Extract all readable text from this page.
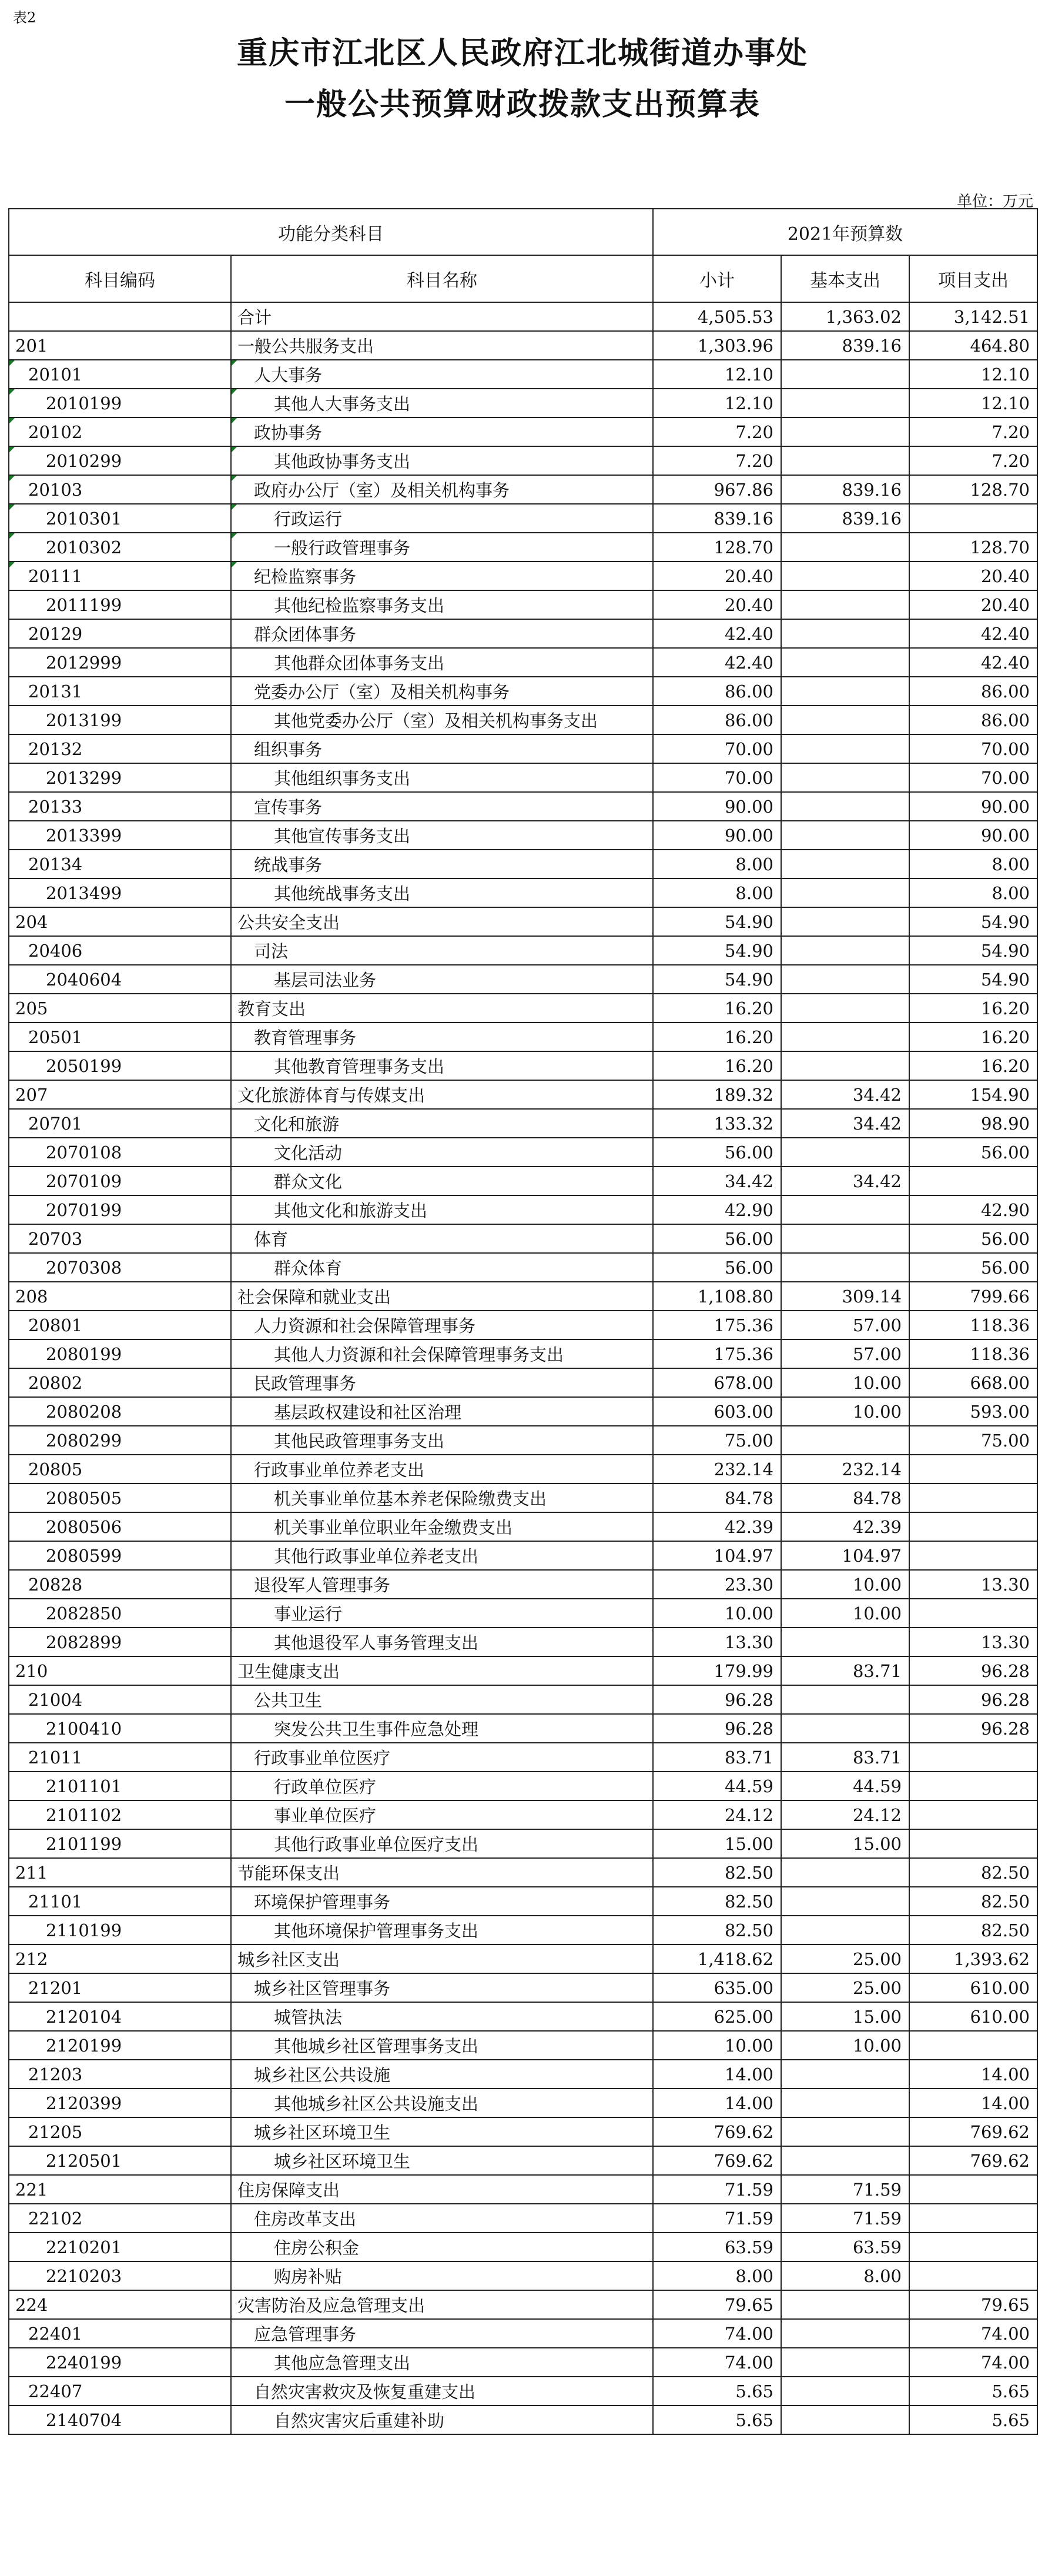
表2
重庆市江北区人民政府江北城街道办事处
一般公共预算财政拨款支出预算表
单位：万元
功能分类科目		2021年预算数		
科目编码	科目名称	小计	基本支出	项目支出
	合计	4,505.53	1,363.02	3,142.51
201	一般公共服务支出	1,303.96	839.16	464.80
20101	人大事务	12.10		12.10
2010199	其他人大事务支出	12.10		12.10
20102	政协事务	7.20		7.20
2010299	其他政协事务支出	7.20		7.20
20103	政府办公厅（室）及相关机构事务	967.86	839.16	128.70
2010301	行政运行	839.16	839.16	
2010302	一般行政管理事务	128.70		128.70
20111	纪检监察事务	20.40		20.40
2011199	其他纪检监察事务支出	20.40		20.40
20129	群众团体事务	42.40		42.40
2012999	其他群众团体事务支出	42.40		42.40
20131	党委办公厅（室）及相关机构事务	86.00		86.00
2013199	其他党委办公厅（室）及相关机构事务支出	86.00		86.00
20132	组织事务	70.00		70.00
2013299	其他组织事务支出	70.00		70.00
20133	宣传事务	90.00		90.00
2013399	其他宣传事务支出	90.00		90.00
20134	统战事务	8.00		8.00
2013499	其他统战事务支出	8.00		8.00
204	公共安全支出	54.90		54.90
20406	司法	54.90		54.90
2040604	基层司法业务	54.90		54.90
205	教育支出	16.20		16.20
20501	教育管理事务	16.20		16.20
2050199	其他教育管理事务支出	16.20		16.20
207	文化旅游体育与传媒支出	189.32	34.42	154.90
20701	文化和旅游	133.32	34.42	98.90
2070108	文化活动	56.00		56.00
2070109	群众文化	34.42	34.42	
2070199	其他文化和旅游支出	42.90		42.90
20703	体育	56.00		56.00
2070308	群众体育	56.00		56.00
208	社会保障和就业支出	1,108.80	309.14	799.66
20801	人力资源和社会保障管理事务	175.36	57.00	118.36
2080199	其他人力资源和社会保障管理事务支出	175.36	57.00	118.36
20802	民政管理事务	678.00	10.00	668.00
2080208	基层政权建设和社区治理	603.00	10.00	593.00
2080299	其他民政管理事务支出	75.00		75.00
20805	行政事业单位养老支出	232.14	232.14	
2080505	机关事业单位基本养老保险缴费支出	84.78	84.78	
2080506	机关事业单位职业年金缴费支出	42.39	42.39	
2080599	其他行政事业单位养老支出	104.97	104.97	
20828	退役军人管理事务	23.30	10.00	13.30
2082850	事业运行	10.00	10.00	
2082899	其他退役军人事务管理支出	13.30		13.30
210	卫生健康支出	179.99	83.71	96.28
21004	公共卫生	96.28		96.28
2100410	突发公共卫生事件应急处理	96.28		96.28
21011	行政事业单位医疗	83.71	83.71	
2101101	行政单位医疗	44.59	44.59	
2101102	事业单位医疗	24.12	24.12	
2101199	其他行政事业单位医疗支出	15.00	15.00	
211	节能环保支出	82.50		82.50
21101	环境保护管理事务	82.50		82.50
2110199	其他环境保护管理事务支出	82.50		82.50
212	城乡社区支出	1,418.62	25.00	1,393.62
21201	城乡社区管理事务	635.00	25.00	610.00
2120104	城管执法	625.00	15.00	610.00
2120199	其他城乡社区管理事务支出	10.00	10.00	
21203	城乡社区公共设施	14.00		14.00
2120399	其他城乡社区公共设施支出	14.00		14.00
21205	城乡社区环境卫生	769.62		769.62
2120501	城乡社区环境卫生	769.62		769.62
221	住房保障支出	71.59	71.59	
22102	住房改革支出	71.59	71.59	
2210201	住房公积金	63.59	63.59	
2210203	购房补贴	8.00	8.00	
224	灾害防治及应急管理支出	79.65		79.65
22401	应急管理事务	74.00		74.00
2240199	其他应急管理支出	74.00		74.00
22407	自然灾害救灾及恢复重建支出	5.65		5.65
2140704	自然灾害灾后重建补助	5.65		5.65
